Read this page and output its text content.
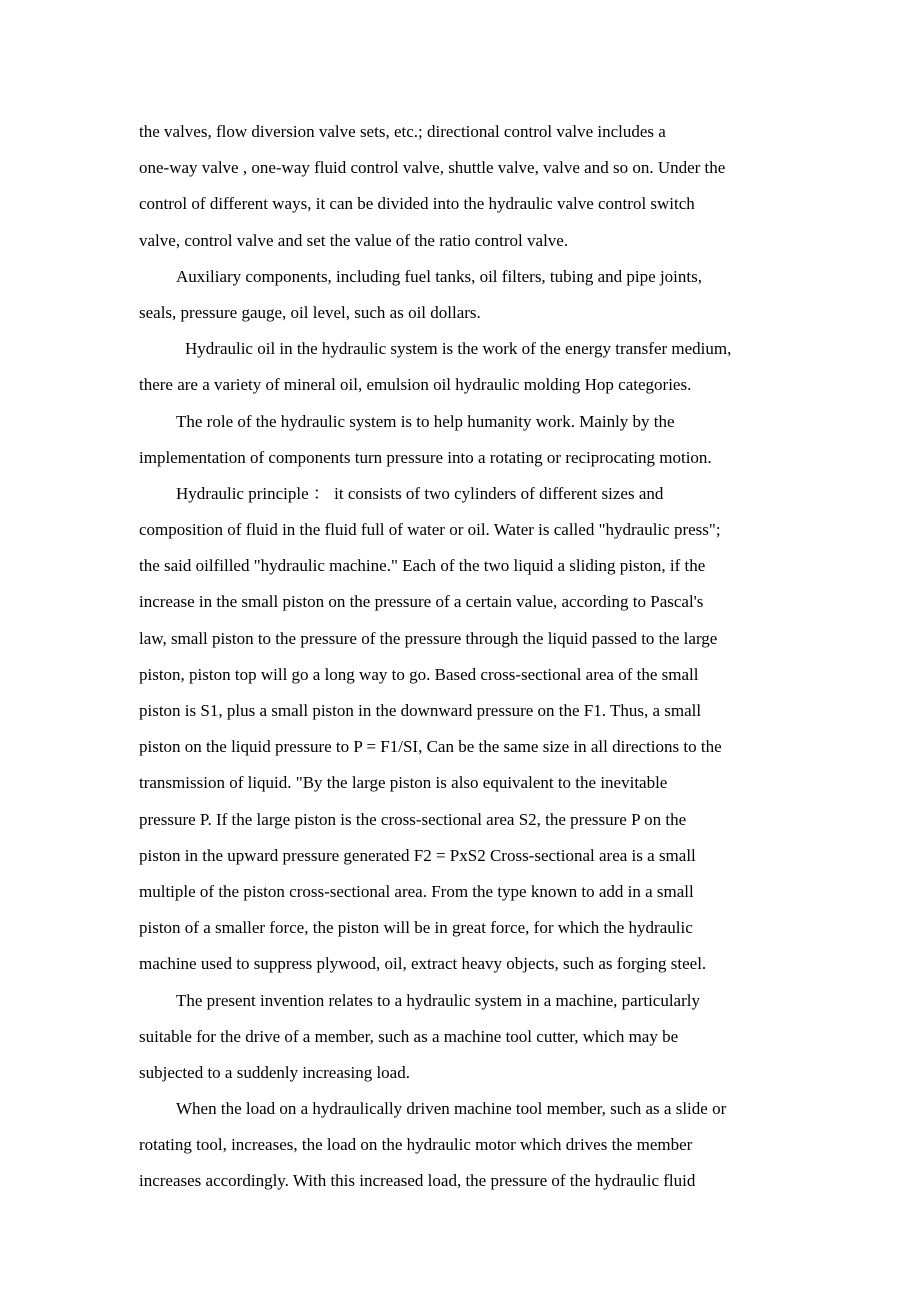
the valves, flow diversion valve sets, etc.; directional control valve includes a
one-way valve , one-way fluid control valve, shuttle valve, valve and so on. Under the
control of different ways, it can be divided into the hydraulic valve control switch
valve, control valve and set the value of the ratio control valve.
Auxiliary components, including fuel tanks, oil filters, tubing and pipe joints,
seals, pressure gauge, oil level, such as oil dollars.
Hydraulic oil in the hydraulic system is the work of the energy transfer medium,
there are a variety of mineral oil, emulsion oil hydraulic molding Hop categories.
The role of the hydraulic system is to help humanity work. Mainly by the
implementation of components turn pressure into a rotating or reciprocating motion.
Hydraulic principle ： it consists of two cylinders of different sizes and
composition of fluid in the fluid full of water or oil. Water is called "hydraulic press";
the said oilfilled "hydraulic machine." Each of the two liquid a sliding piston, if the
increase in the small piston on the pressure of a certain value, according to Pascal's
law, small piston to the pressure of the pressure through the liquid passed to the large
piston, piston top will go a long way to go. Based cross-sectional area of the small
piston is S1, plus a small piston in the downward pressure on the F1. Thus, a small
piston on the liquid pressure to P = F1/SI, Can be the same size in all directions to the
transmission of liquid. "By the large piston is also equivalent to the inevitable
pressure P. If the large piston is the cross-sectional area S2, the pressure P on the
piston in the upward pressure generated F2 = PxS2 Cross-sectional area is a small
multiple of the piston cross-sectional area. From the type known to add in a small
piston of a smaller force, the piston will be in great force, for which the hydraulic
machine used to suppress plywood, oil, extract heavy objects, such as forging steel.
The present invention relates to a hydraulic system in a machine, particularly
suitable for the drive of a member, such as a machine tool cutter, which may be
subjected to a suddenly increasing load.
When the load on a hydraulically driven machine tool member, such as a slide or
rotating tool, increases, the load on the hydraulic motor which drives the member
increases accordingly. With this increased load, the pressure of the hydraulic fluid
